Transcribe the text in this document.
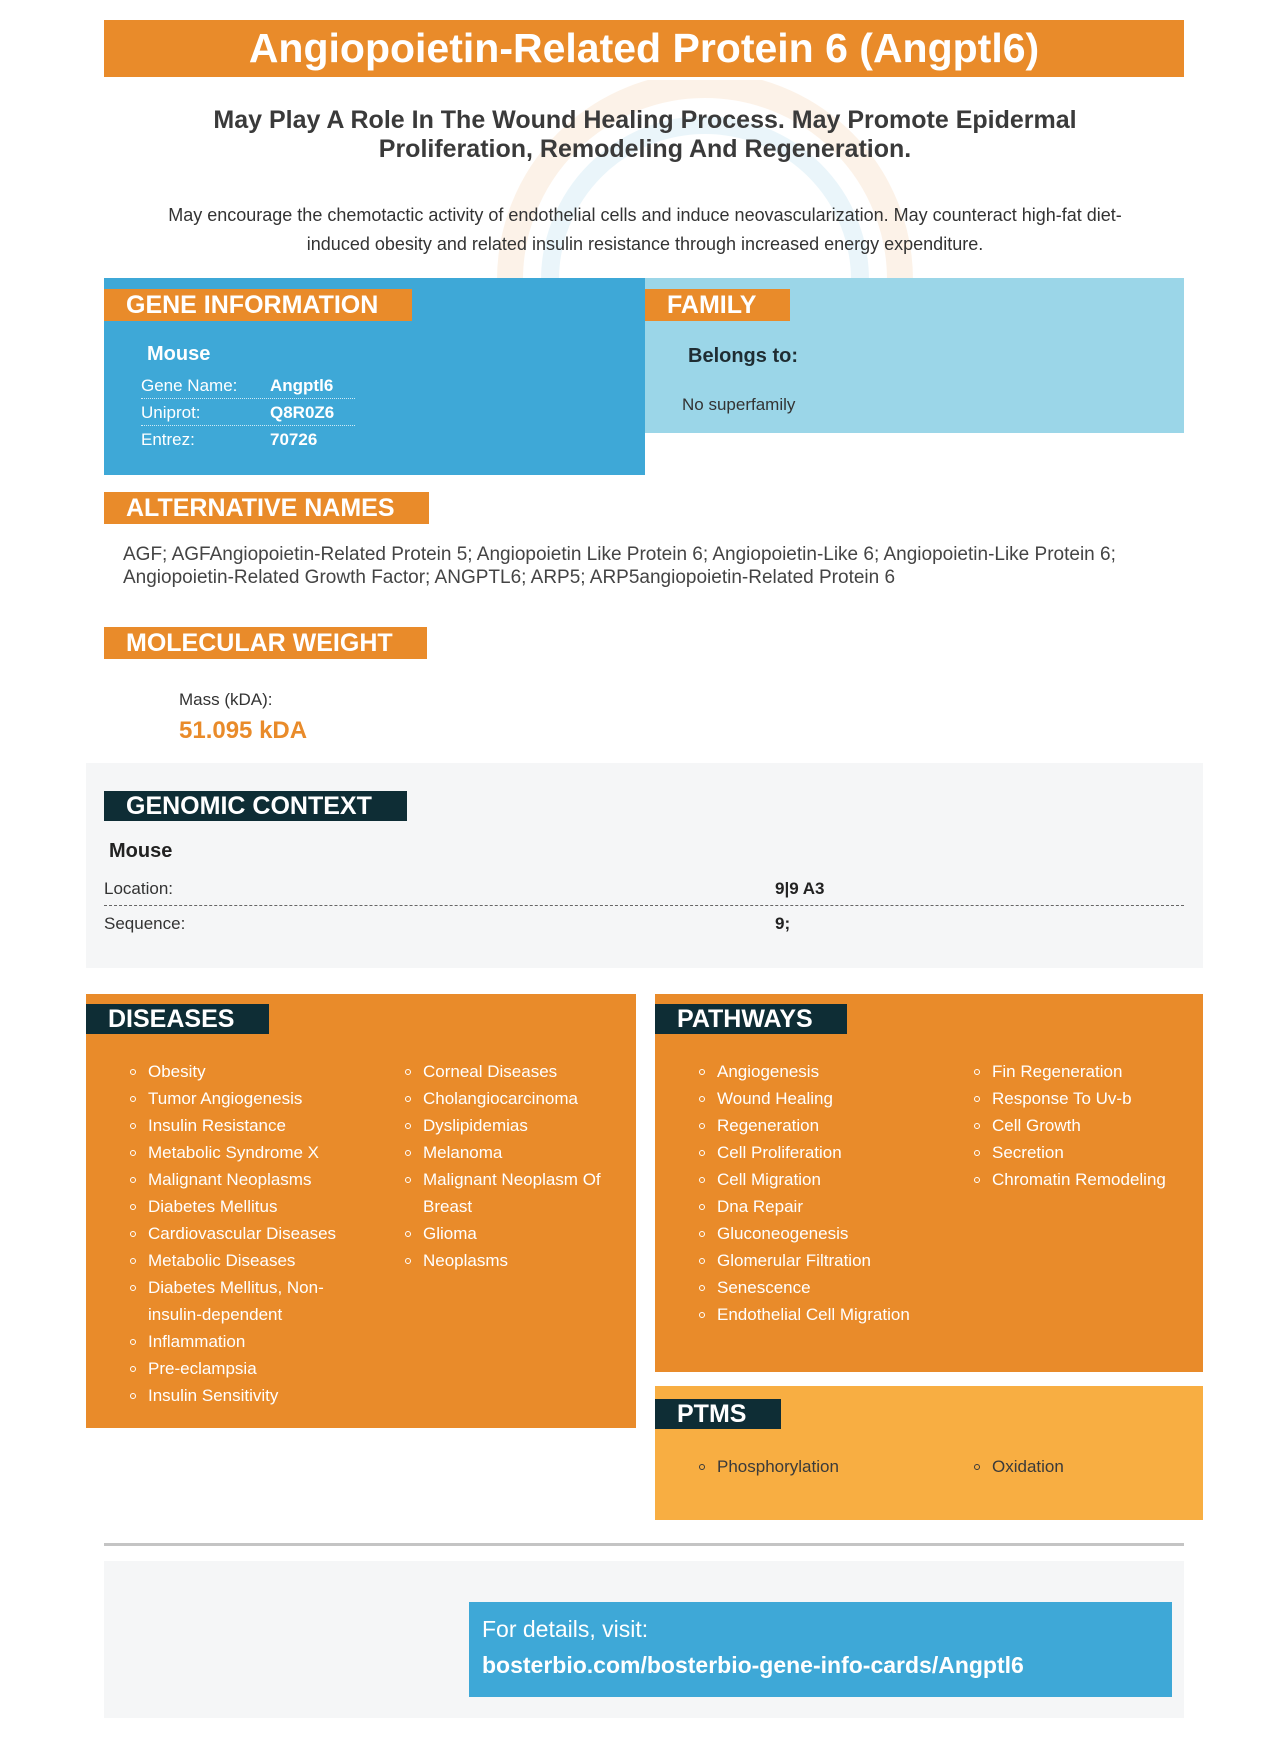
Angiopoietin-Related Protein 6 (Angptl6)
May Play A Role In The Wound Healing Process. May Promote Epidermal Proliferation, Remodeling And Regeneration.
May encourage the chemotactic activity of endothelial cells and induce neovascularization. May counteract high-fat diet-induced obesity and related insulin resistance through increased energy expenditure.
GENE INFORMATION
Mouse
Gene Name: Angptl6
Uniprot:	Q8R0Z6
Entrez:	70726
FAMILY
Belongs to:
No superfamily
ALTERNATIVE NAMES
AGF; AGFAngiopoietin-Related Protein 5; Angiopoietin Like Protein 6; Angiopoietin-Like 6; Angiopoietin-Like Protein 6; Angiopoietin-Related Growth Factor; ANGPTL6; ARP5; ARP5angiopoietin-Related Protein 6
MOLECULAR WEIGHT
Mass (kDA):
51.095 kDA
GENOMIC CONTEXT
Mouse
Location:	9|9 A3
Sequence:	9;
DISEASES
Obesity
Tumor Angiogenesis
Insulin Resistance
Metabolic Syndrome X
Malignant Neoplasms
Diabetes Mellitus
Cardiovascular Diseases
Metabolic Diseases
Diabetes Mellitus, Non-insulin-dependent
Inflammation
Pre-eclampsia
Insulin Sensitivity
Corneal Diseases
Cholangiocarcinoma
Dyslipidemias
Melanoma
Malignant Neoplasm Of Breast
Glioma
Neoplasms
PATHWAYS
Angiogenesis
Wound Healing
Regeneration
Cell Proliferation
Cell Migration
Dna Repair
Gluconeogenesis
Glomerular Filtration
Senescence
Endothelial Cell Migration
Fin Regeneration
Response To Uv-b
Cell Growth
Secretion
Chromatin Remodeling
PTMS
Phosphorylation	Oxidation
For details, visit:
bosterbio.com/bosterbio-gene-info-cards/Angptl6
